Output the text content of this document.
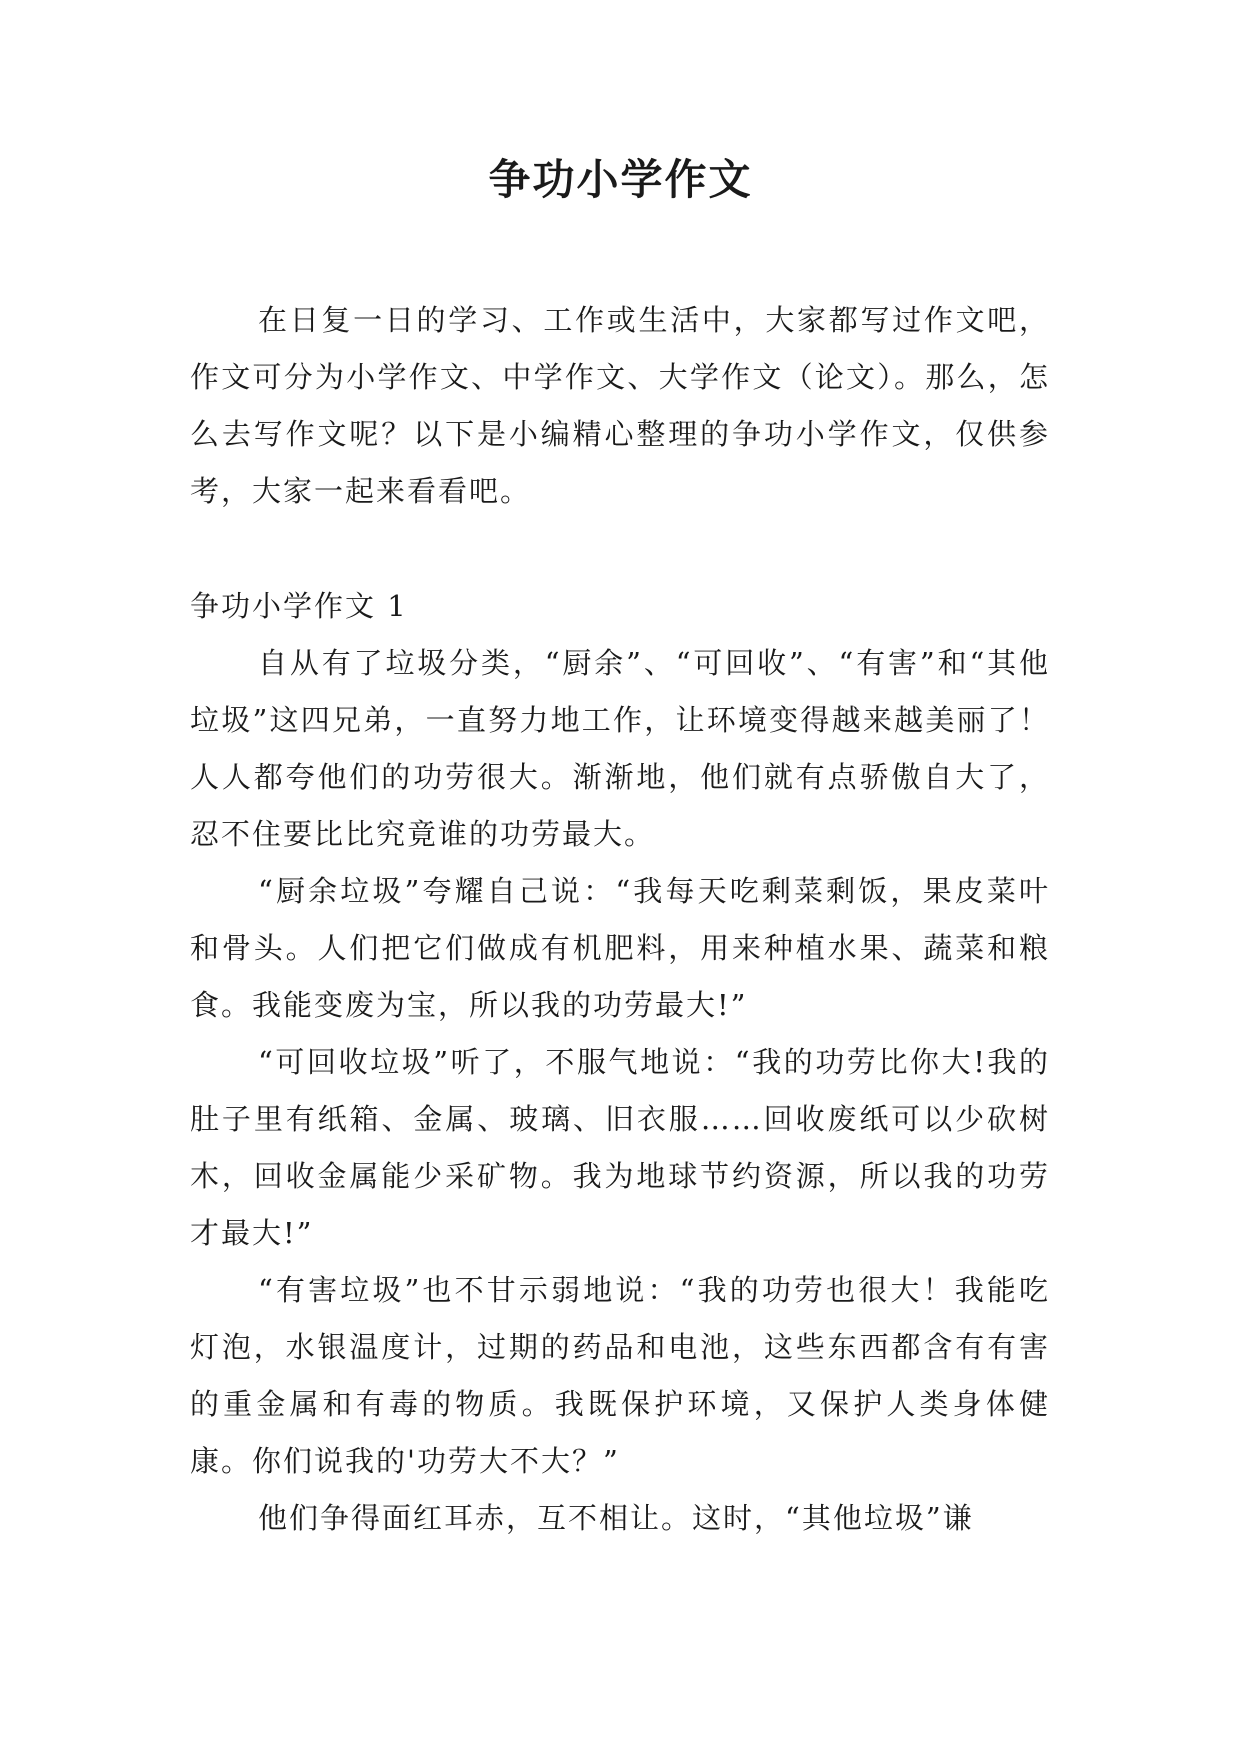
争功小学作文

在日复一日的学习、工作或生活中，大家都写过作文吧，作文可分为小学作文、中学作文、大学作文（论文）。那么，怎么去写作文呢？以下是小编精心整理的争功小学作文，仅供参考，大家一起来看看吧。

争功小学作文 1

自从有了垃圾分类，“厨余”、“可回收”、“有害”和“其他垃圾”这四兄弟，一直努力地工作，让环境变得越来越美丽了！人人都夸他们的功劳很大。渐渐地，他们就有点骄傲自大了，忍不住要比比究竟谁的功劳最大。

“厨余垃圾”夸耀自己说：“我每天吃剩菜剩饭，果皮菜叶和骨头。人们把它们做成有机肥料，用来种植水果、蔬菜和粮食。我能变废为宝，所以我的功劳最大!”

“可回收垃圾”听了，不服气地说：“我的功劳比你大!我的肚子里有纸箱、金属、玻璃、旧衣服……回收废纸可以少砍树木，回收金属能少采矿物。我为地球节约资源，所以我的功劳才最大!”

“有害垃圾”也不甘示弱地说：“我的功劳也很大！我能吃灯泡，水银温度计，过期的药品和电池，这些东西都含有有害的重金属和有毒的物质。我既保护环境，又保护人类身体健康。你们说我的'功劳大不大？”

他们争得面红耳赤，互不相让。这时，“其他垃圾”谦
